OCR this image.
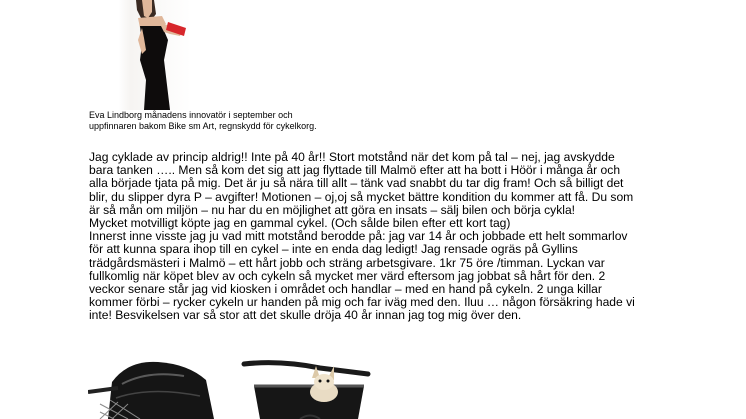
Eva Lindborg månadens innovatör i september och
uppfinnaren bakom Bike sm Art, regnskydd för cykelkorg.

Jag cyklade av princip aldrig!! Inte på 40 år!! Stort motstånd när det kom på tal – nej, jag avskydde

bara tanken ….. Men så kom det sig att jag flyttade till Malmö efter att ha bott i Höör i många år och

alla började tjata på mig. Det är ju så nära till allt – tänk vad snabbt du tar dig fram! Och så billigt det

blir, du slipper dyra P – avgifter! Motionen – oj,oj så mycket bättre kondition du kommer att få. Du som

är så mån om miljön – nu har du en möjlighet att göra en insats – sälj bilen och börja cykla!

Mycket motvilligt köpte jag en gammal cykel. (Och sålde bilen efter ett kort tag)

Innerst inne visste jag ju vad mitt motstånd berodde på: jag var 14 år och jobbade ett helt sommarlov

för att kunna spara ihop till en cykel – inte en enda dag ledigt! Jag rensade ogräs på Gyllins

trädgårdsmästeri i Malmö – ett hårt jobb och sträng arbetsgivare. 1kr 75 öre /timman. Lyckan var

fullkomlig när köpet blev av och cykeln så mycket mer värd eftersom jag jobbat så hårt för den. 2

veckor senare står jag vid kiosken i området och handlar – med en hand på cykeln. 2 unga killar

kommer förbi – rycker cykeln ur handen på mig och far iväg med den. Iluu … någon försäkring hade vi

inte! Besvikelsen var så stor att det skulle dröja 40 år innan jag tog mig över den.
